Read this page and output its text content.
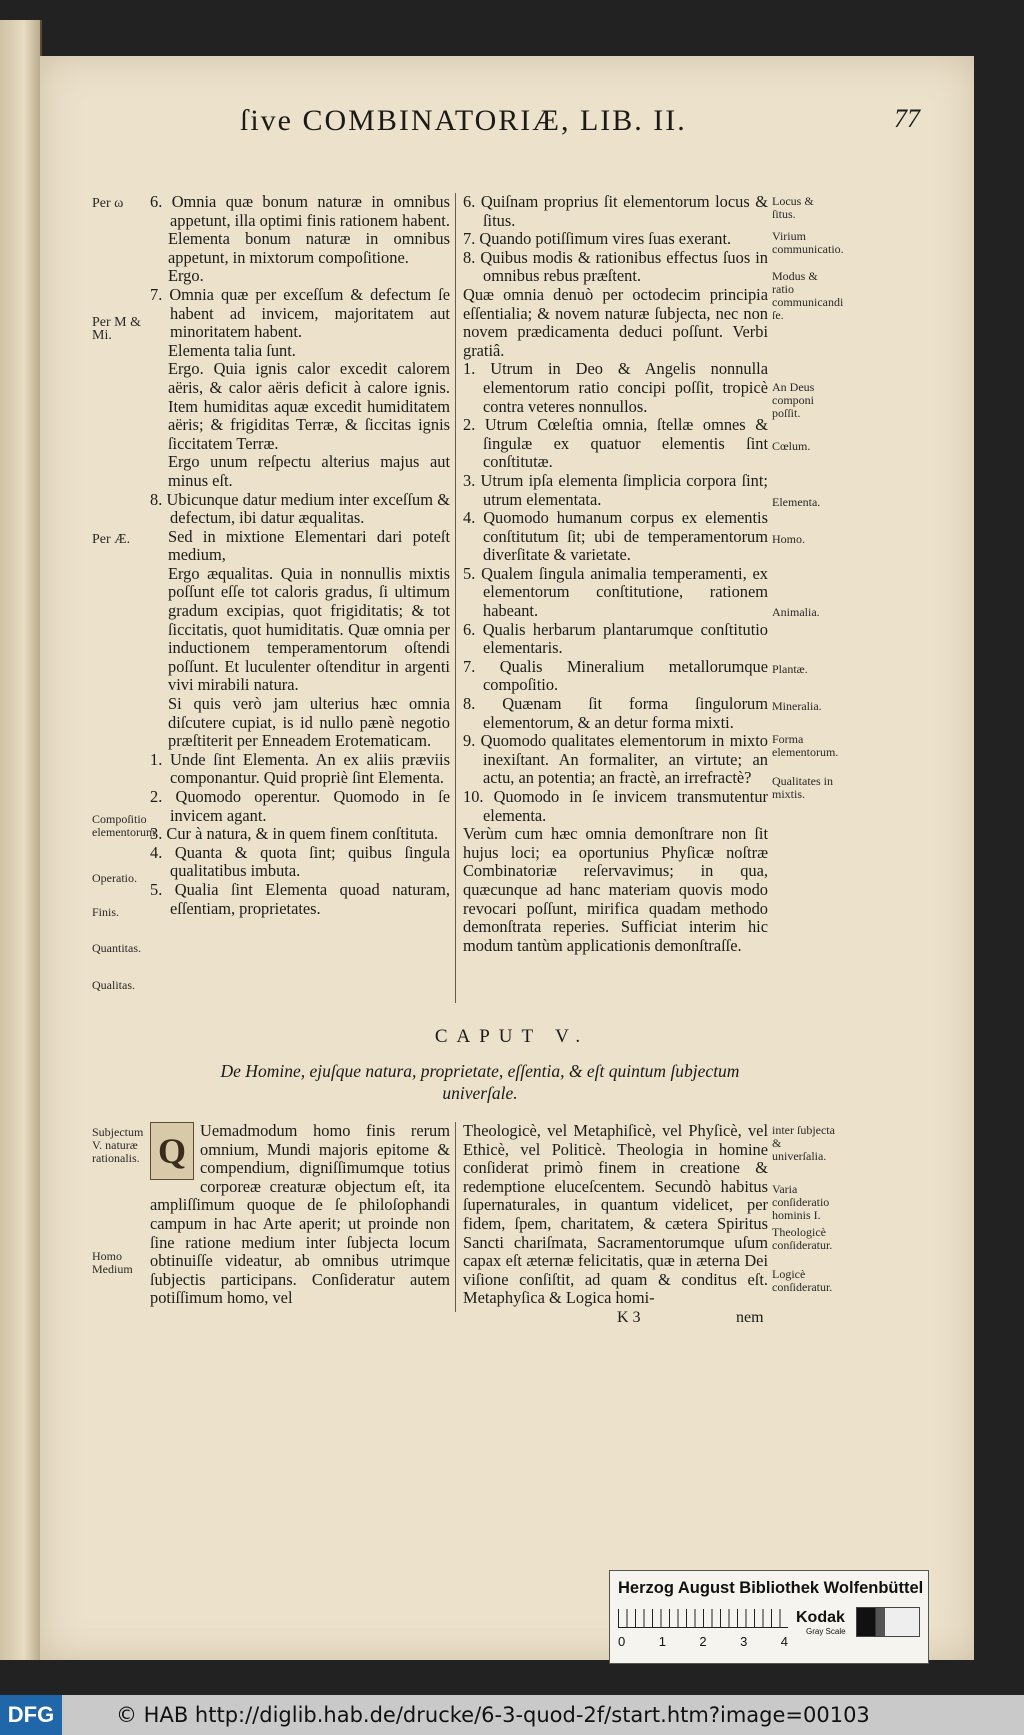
ſive COMBINATORIÆ, LIB. II.	77
Per ω
Per M & Mi.
Per Æ.
Compoſitio elementorum.
Operatio.
Finis.
Quantitas.
Qualitas.
Subjectum V. naturæ rationalis.
Homo Medium

6. Omnia quæ bonum naturæ in omnibus appetunt, illa optimi finis rationem habent.

Elementa bonum naturæ in omnibus appetunt, in mixtorum compoſitione.

Ergo.

7. Omnia quæ per exceſſum & defectum ſe habent ad invicem, majoritatem aut minoritatem habent.

Elementa talia ſunt.

Ergo. Quia ignis calor excedit calorem aëris, & calor aëris deficit à calore ignis. Item humiditas aquæ excedit humiditatem aëris; & frigiditas Terræ, & ſiccitas ignis ſiccitatem Terræ.

Ergo unum reſpectu alterius majus aut minus eſt.

8. Ubicunque datur medium inter exceſſum & defectum, ibi datur æqualitas.

Sed in mixtione Elementari dari poteſt medium,

Ergo æqualitas. Quia in nonnullis mixtis poſſunt eſſe tot caloris gradus, ſi ultimum gradum excipias, quot frigiditatis; & tot ſiccitatis, quot humiditatis. Quæ omnia per inductionem temperamentorum oſtendi poſſunt. Et luculenter oſtenditur in argenti vivi mirabili natura.

Si quis verò jam ulterius hæc omnia diſcutere cupiat, is id nullo pænè negotio præſtiterit per Enneadem Erotematicam.

1. Unde ſint Elementa. An ex aliis præviis componantur. Quid propriè ſint Elementa.

2. Quomodo operentur. Quomodo in ſe invicem agant.

3. Cur à natura, & in quem finem conſtituta.

4. Quanta & quota ſint; quibus ſingula qualitatibus imbuta.

5. Qualia ſint Elementa quoad naturam, eſſentiam, proprietates.

6. Quiſnam proprius ſit elementorum locus & ſitus.

7. Quando potiſſimum vires ſuas exerant.

8. Quibus modis & rationibus effectus ſuos in omnibus rebus præſtent.

Quæ omnia denuò per octodecim principia eſſentialia; & novem naturæ ſubjecta, nec non novem prædicamenta deduci poſſunt. Verbi gratiâ.

1. Utrum in Deo & Angelis nonnulla elementorum ratio concipi poſſit, tropicè contra veteres nonnullos.

2. Utrum Cœleſtia omnia, ſtellæ omnes & ſingulæ ex quatuor elementis ſint conſtitutæ.

3. Utrum ipſa elementa ſimplicia corpora ſint; utrum elementata.

4. Quomodo humanum corpus ex elementis conſtitutum ſit; ubi de temperamentorum diverſitate & varietate.

5. Qualem ſingula animalia temperamenti, ex elementorum conſtitutione, rationem habeant.

6. Qualis herbarum plantarumque conſtitutio elementaris.

7. Qualis Mineralium metallorumque compoſitio.

8. Quænam ſit forma ſingulorum elementorum, & an detur forma mixti.

9. Quomodo qualitates elementorum in mixto inexiſtant. An formaliter, an virtute; an actu, an potentia; an fractè, an irrefractè?

10. Quomodo in ſe invicem transmutentur elementa.

Verùm cum hæc omnia demonſtrare non ſit hujus loci; ea oportunius Phyſicæ noſtræ Combinatoriæ reſervavimus; in qua, quæcunque ad hanc materiam quovis modo revocari poſſunt, mirifica quadam methodo demonſtrata reperies. Sufficiat interim hic modum tantùm applicationis demonſtraſſe.

Locus & ſitus.
Virium communicatio.
Modus & ratio communicandi ſe.
An Deus componi poſſit.
Cœlum.
Elementa.
Homo.
Animalia.
Plantæ.
Mineralia.
Forma elementorum.
Qualitates in mixtis.
inter ſubjecta & univerſalia.
Varia conſideratio hominis I.
Theologicè conſideratur.
Logicè conſideratur.
CAPUT V.
De Homine, ejuſque natura, proprietate, eſſentia, & eſt quintum ſubjectum univerſale.
Q

Uemadmodum homo finis rerum omnium, Mundi majoris epitome & compendium, digniſſimumque totius corporeæ creaturæ objectum eſt, ita ampliſſimum quoque de ſe philoſophandi campum in hac Arte aperit; ut proinde non ſine ratione medium inter ſubjecta locum obtinuiſſe videatur, ab omnibus utrimque ſubjectis participans. Conſideratur autem potiſſimum homo, vel

Theologicè, vel Metaphiſicè, vel Phyſicè, vel Ethicè, vel Politicè. Theologia in homine conſiderat primò finem in creatione & redemptione eluceſcentem. Secundò habitus ſupernaturales, in quantum videlicet, per fidem, ſpem, charitatem, & cætera Spiritus Sancti chariſmata, Sacramentorumque uſum capax eſt æternæ felicitatis, quæ in æterna Dei viſione conſiſtit, ad quam & conditus eſt. Metaphyſica & Logica homi-

K 3	nem
Herzog August Bibliothek Wolfenbüttel
0	1	2	3	4
Kodak
Gray Scale
DFG	© HAB http://diglib.hab.de/drucke/6-3-quod-2f/start.htm?image=00103
